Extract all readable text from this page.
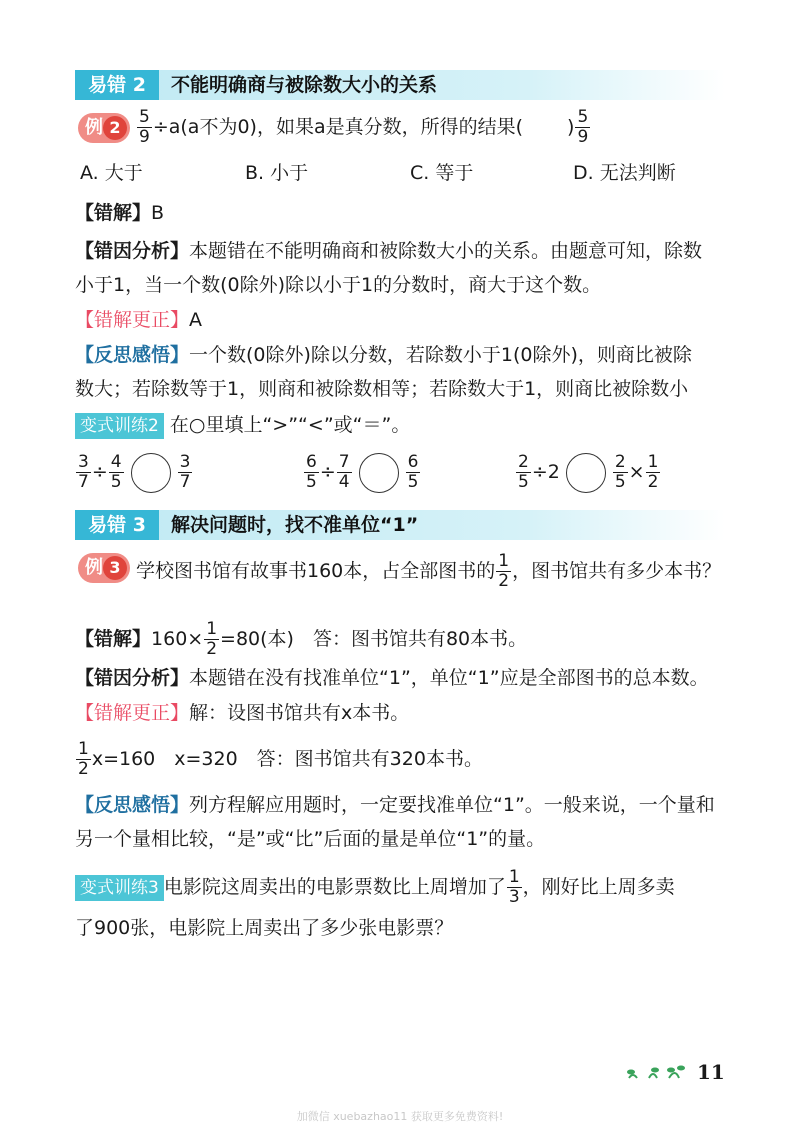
易错 2	不能明确商与被除数大小的关系
例 $2 \frac{5}{9} \div a(a$不为0)，如果a是真分数，所得的结果( ) $\frac{5}{9}$
A. 大于	B. 小于	C. 等于	D. 无法判断
【错解】B
【错因分析】本题错在不能明确商和被除数大小的关系。由题意可知，除数
小于1，当一个数(0除外)除以小于1的分数时，商大于这个数。
【错解更正】A
【反思感悟】一个数(0除外)除以分数，若除数小于1(0除外)，则商比被除
数大；若除数等于1，则商和被除数相等；若除数大于1，则商比被除数小
变式训练2 在○里填上“>”“<”或“＝”。
$\frac{3}{7} \div \frac{4}{5}$	$\frac{3}{7}$	$\frac{6}{5} \div \frac{7}{4}$	$\frac{6}{5}$	$\frac{2}{5} \div 2$	$\frac{2}{5} \times \frac{1}{2}$
易错 3	解决问题时，找不准单位“1”
例 3 学校图书馆有故事书160本，占全部图书的 $\frac{1}{2}$ ，图书馆共有多少本书？
【错解】$160\times \frac{1}{2} =80$(本)　答：图书馆共有80本书。
【错因分析】本题错在没有找准单位“1”，单位“1”应是全部图书的总本数。
【错解更正】解：设图书馆共有x本书。
$\frac{1}{2} x=160$　x=320　答：图书馆共有320本书。
【反思感悟】列方程解应用题时，一定要找准单位“1”。一般来说，一个量和
另一个量相比较，“是”或“比”后面的量是单位“1”的量。
变式训练3 电影院这周卖出的电影票数比上周增加了 $\frac{1}{3}$ ，刚好比上周多卖
了900张，电影院上周卖出了多少张电影票？
11
加微信 xuebazhao11 获取更多免费资料!
